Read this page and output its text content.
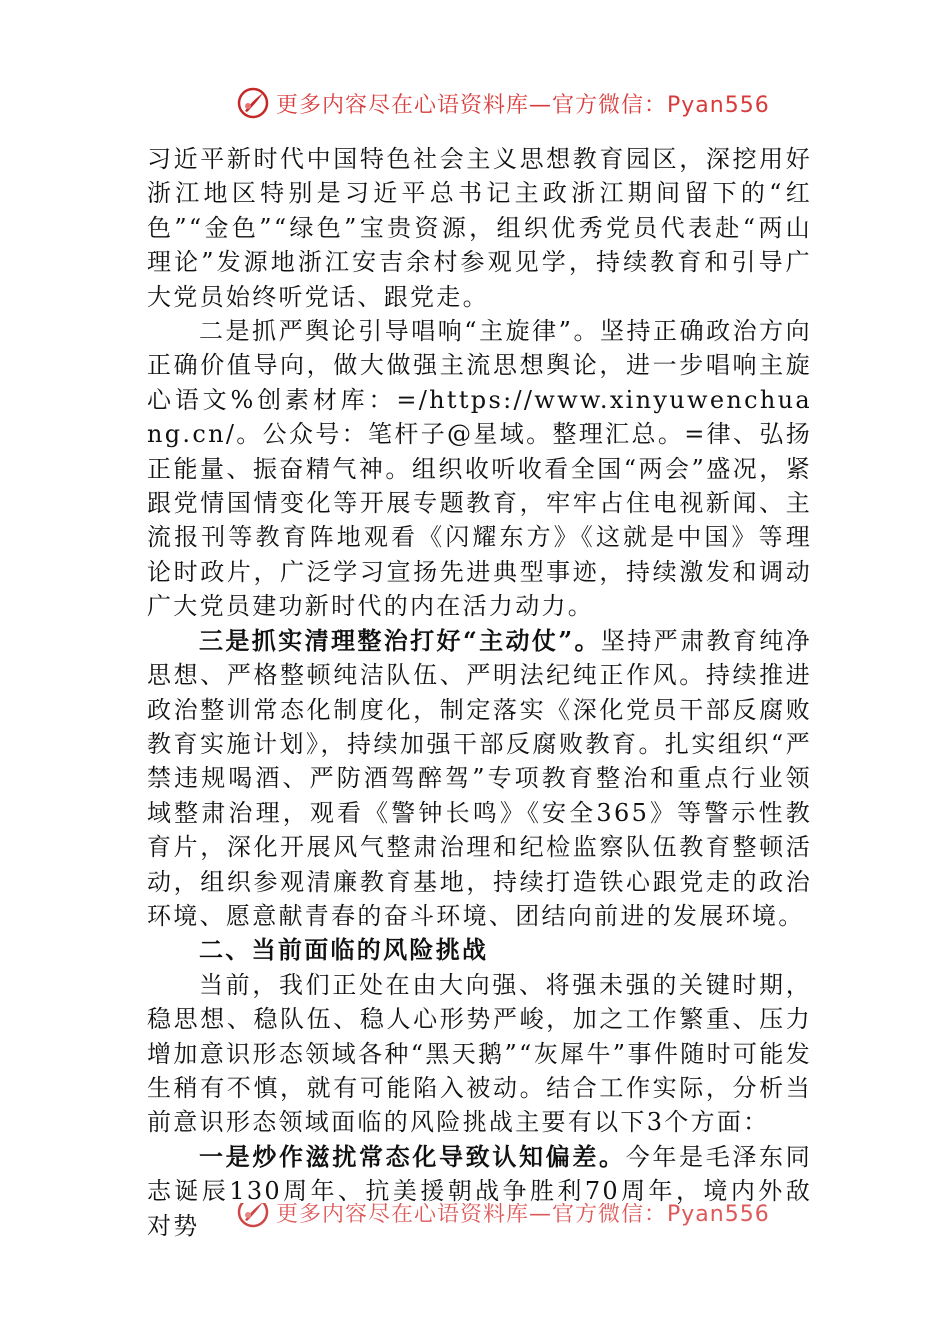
更多内容尽在心语资料库—官方微信：Pyan556

习近平新时代中国特色社会主义思想教育园区，深挖用好浙江地区特别是习近平总书记主政浙江期间留下的“红色”“金色”“绿色”宝贵资源，组织优秀党员代表赴“两山理论”发源地浙江安吉余村参观见学，持续教育和引导广大党员始终听党话、跟党走。

二是抓严舆论引导唱响“主旋律”。坚持正确政治方向正确价值导向，做大做强主流思想舆论，进一步唱响主旋心语文%创素材库：=/https://www.xinyuwenchuang.cn/。公众号：笔杆子@星域。整理汇总。=律、弘扬正能量、振奋精气神。组织收听收看全国“两会”盛况，紧跟党情国情变化等开展专题教育，牢牢占住电视新闻、主流报刊等教育阵地观看《闪耀东方》《这就是中国》等理论时政片，广泛学习宣扬先进典型事迹，持续激发和调动广大党员建功新时代的内在活力动力。

三是抓实清理整治打好“主动仗”。坚持严肃教育纯净思想、严格整顿纯洁队伍、严明法纪纯正作风。持续推进政治整训常态化制度化，制定落实《深化党员干部反腐败教育实施计划》，持续加强干部反腐败教育。扎实组织“严禁违规喝酒、严防酒驾醉驾”专项教育整治和重点行业领域整肃治理，观看《警钟长鸣》《安全365》等警示性教育片，深化开展风气整肃治理和纪检监察队伍教育整顿活动，组织参观清廉教育基地，持续打造铁心跟党走的政治环境、愿意献青春的奋斗环境、团结向前进的发展环境。

二、当前面临的风险挑战

当前，我们正处在由大向强、将强未强的关键时期，稳思想、稳队伍、稳人心形势严峻，加之工作繁重、压力增加意识形态领域各种“黑天鹅”“灰犀牛”事件随时可能发生稍有不慎，就有可能陷入被动。结合工作实际，分析当前意识形态领域面临的风险挑战主要有以下3个方面：

一是炒作滋扰常态化导致认知偏差。今年是毛泽东同志诞辰130周年、抗美援朝战争胜利70周年，境内外敌对势	更多内容尽在心语资料库—官方微信：Pyan556
